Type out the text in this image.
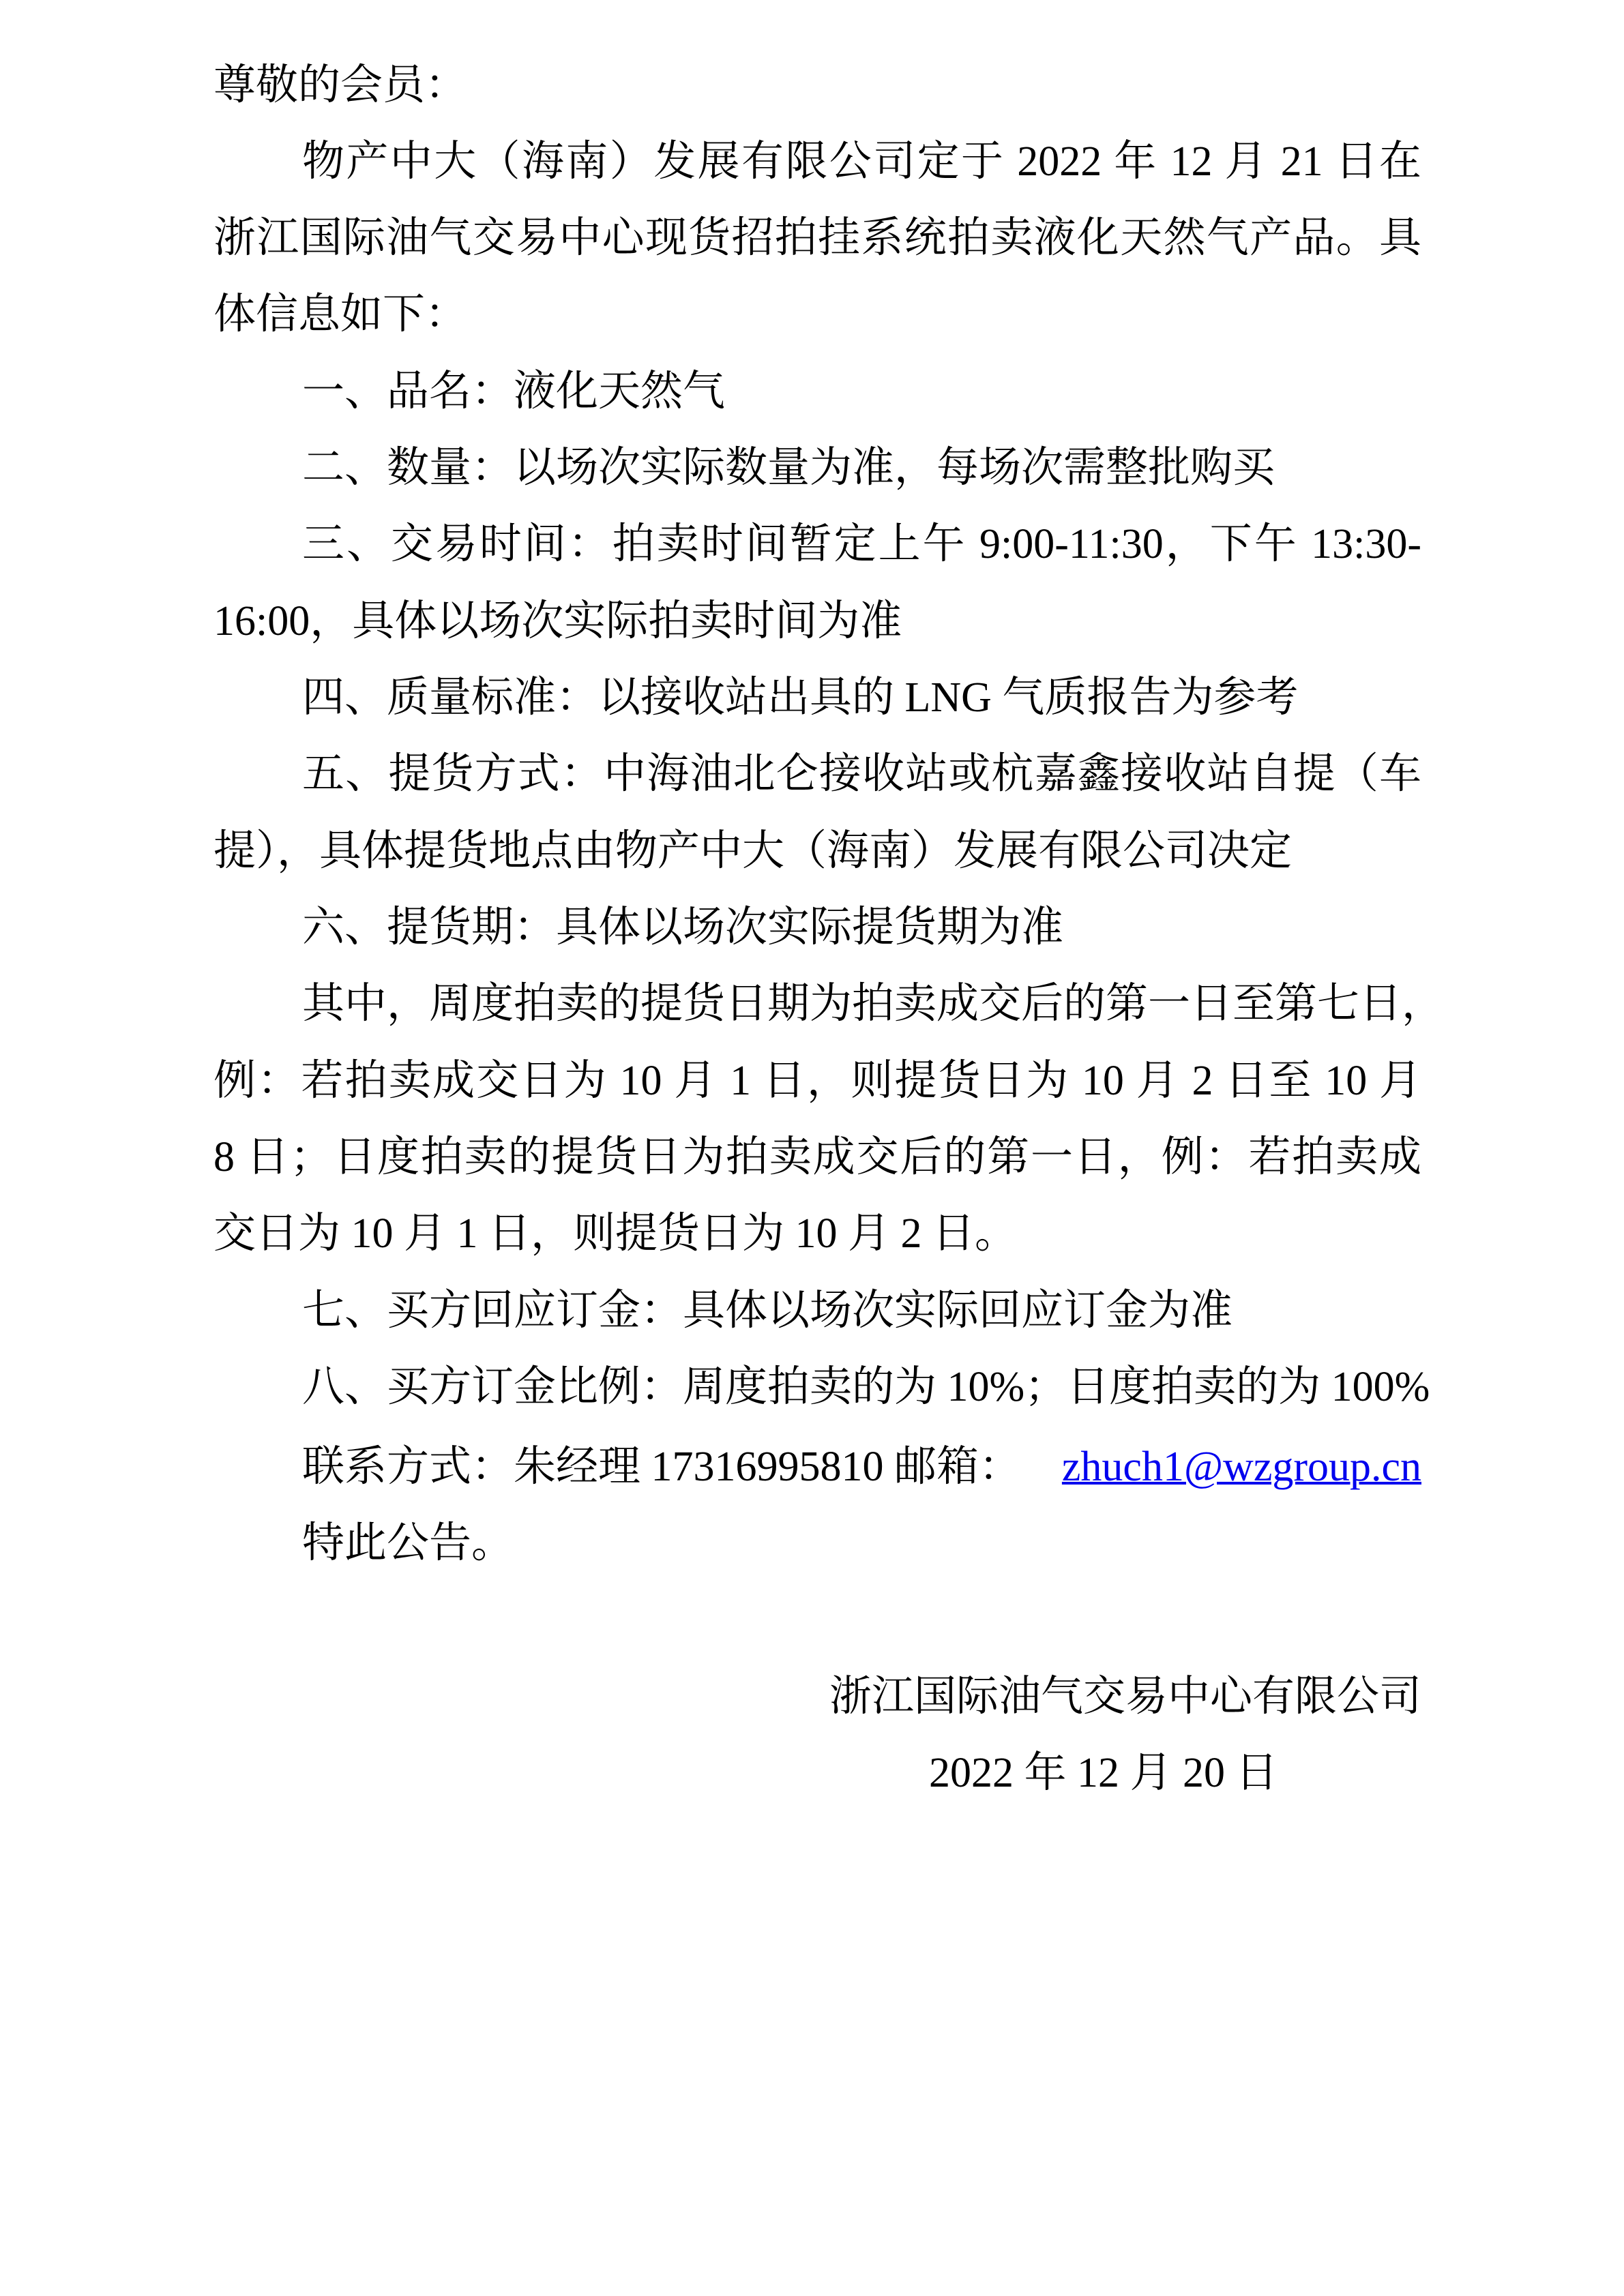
尊敬的会员：
物产中大（海南）发展有限公司定于 2022 年 12 月 21 日在
浙江国际油气交易中心现货招拍挂系统拍卖液化天然气产品。具
体信息如下：
一、品名：液化天然气
二、数量：以场次实际数量为准，每场次需整批购买
三、交易时间：拍卖时间暂定上午 9:00-11:30，下午 13:30-
16:00，具体以场次实际拍卖时间为准
四、质量标准：以接收站出具的 LNG 气质报告为参考
五、提货方式：中海油北仑接收站或杭嘉鑫接收站自提（车
提），具体提货地点由物产中大（海南）发展有限公司决定
六、提货期：具体以场次实际提货期为准
其中，周度拍卖的提货日期为拍卖成交后的第一日至第七日，
例：若拍卖成交日为 10 月 1 日，则提货日为 10 月 2 日至 10 月
8 日；日度拍卖的提货日为拍卖成交后的第一日，例：若拍卖成
交日为 10 月 1 日，则提货日为 10 月 2 日。
七、买方回应订金：具体以场次实际回应订金为准
八、买方订金比例：周度拍卖的为 10%；日度拍卖的为 100%
联系方式：朱经理 17316995810 邮箱： zhuch1@wzgroup.cn
特此公告。
浙江国际油气交易中心有限公司
2022 年 12 月 20 日
